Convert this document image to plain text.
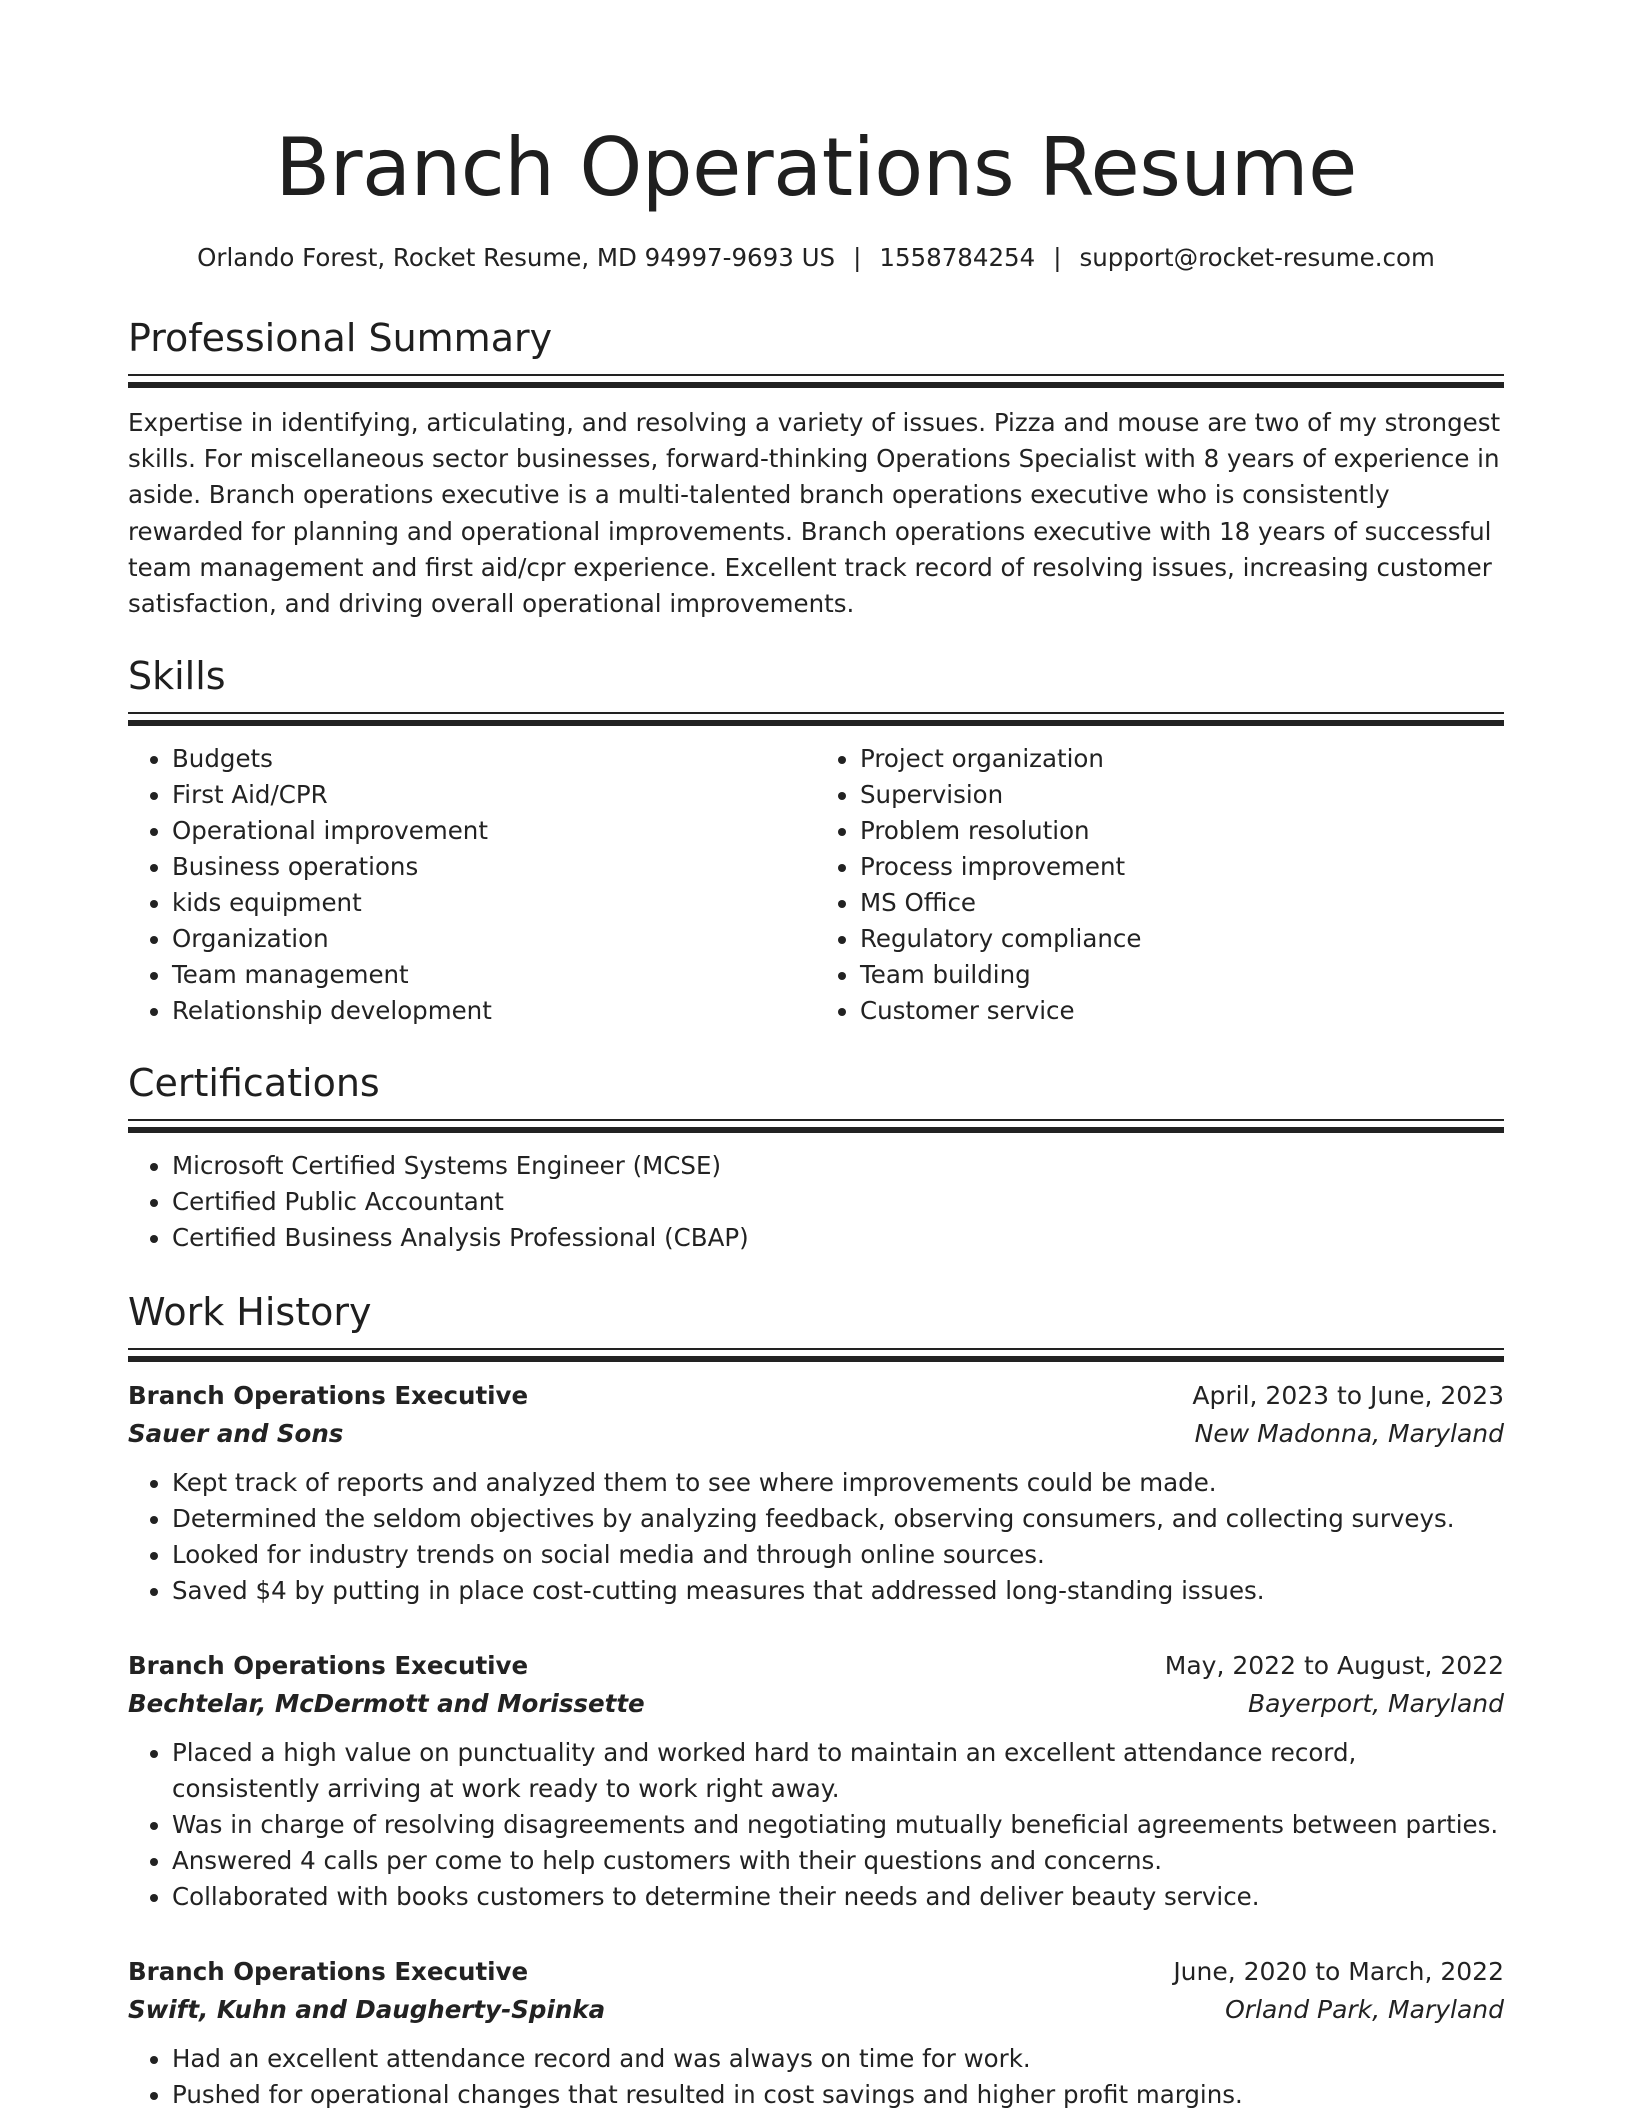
Branch Operations Resume
Orlando Forest, Rocket Resume, MD 94997-9693 US | 1558784254 | support@rocket-resume.com
Professional Summary

Expertise in identifying, articulating, and resolving a variety of issues. Pizza and mouse are two of my strongest skills. For miscellaneous sector businesses, forward-thinking Operations Specialist with 8 years of experience in aside. Branch operations executive is a multi-talented branch operations executive who is consistently rewarded for planning and operational improvements. Branch operations executive with 18 years of successful team management and first aid/cpr experience. Excellent track record of resolving issues, increasing customer satisfaction, and driving overall operational improvements.

Skills
• Budgets
• First Aid/CPR
• Operational improvement
• Business operations
• kids equipment
• Organization
• Team management
• Relationship development
• Project organization
• Supervision
• Problem resolution
• Process improvement
• MS Office
• Regulatory compliance
• Team building
• Customer service
Certifications
• Microsoft Certified Systems Engineer (MCSE)
• Certified Public Accountant
• Certified Business Analysis Professional (CBAP)
Work History
Branch Operations Executive	April, 2023 to June, 2023
Sauer and Sons	New Madonna, Maryland
• Kept track of reports and analyzed them to see where improvements could be made.
• Determined the seldom objectives by analyzing feedback, observing consumers, and collecting surveys.
• Looked for industry trends on social media and through online sources.
• Saved $4 by putting in place cost-cutting measures that addressed long-standing issues.
Branch Operations Executive	May, 2022 to August, 2022
Bechtelar, McDermott and Morissette	Bayerport, Maryland
• Placed a high value on punctuality and worked hard to maintain an excellent attendance record, consistently arriving at work ready to work right away.
• Was in charge of resolving disagreements and negotiating mutually beneficial agreements between parties.
• Answered 4 calls per come to help customers with their questions and concerns.
• Collaborated with books customers to determine their needs and deliver beauty service.
Branch Operations Executive	June, 2020 to March, 2022
Swift, Kuhn and Daugherty-Spinka	Orland Park, Maryland
• Had an excellent attendance record and was always on time for work.
• Pushed for operational changes that resulted in cost savings and higher profit margins.
